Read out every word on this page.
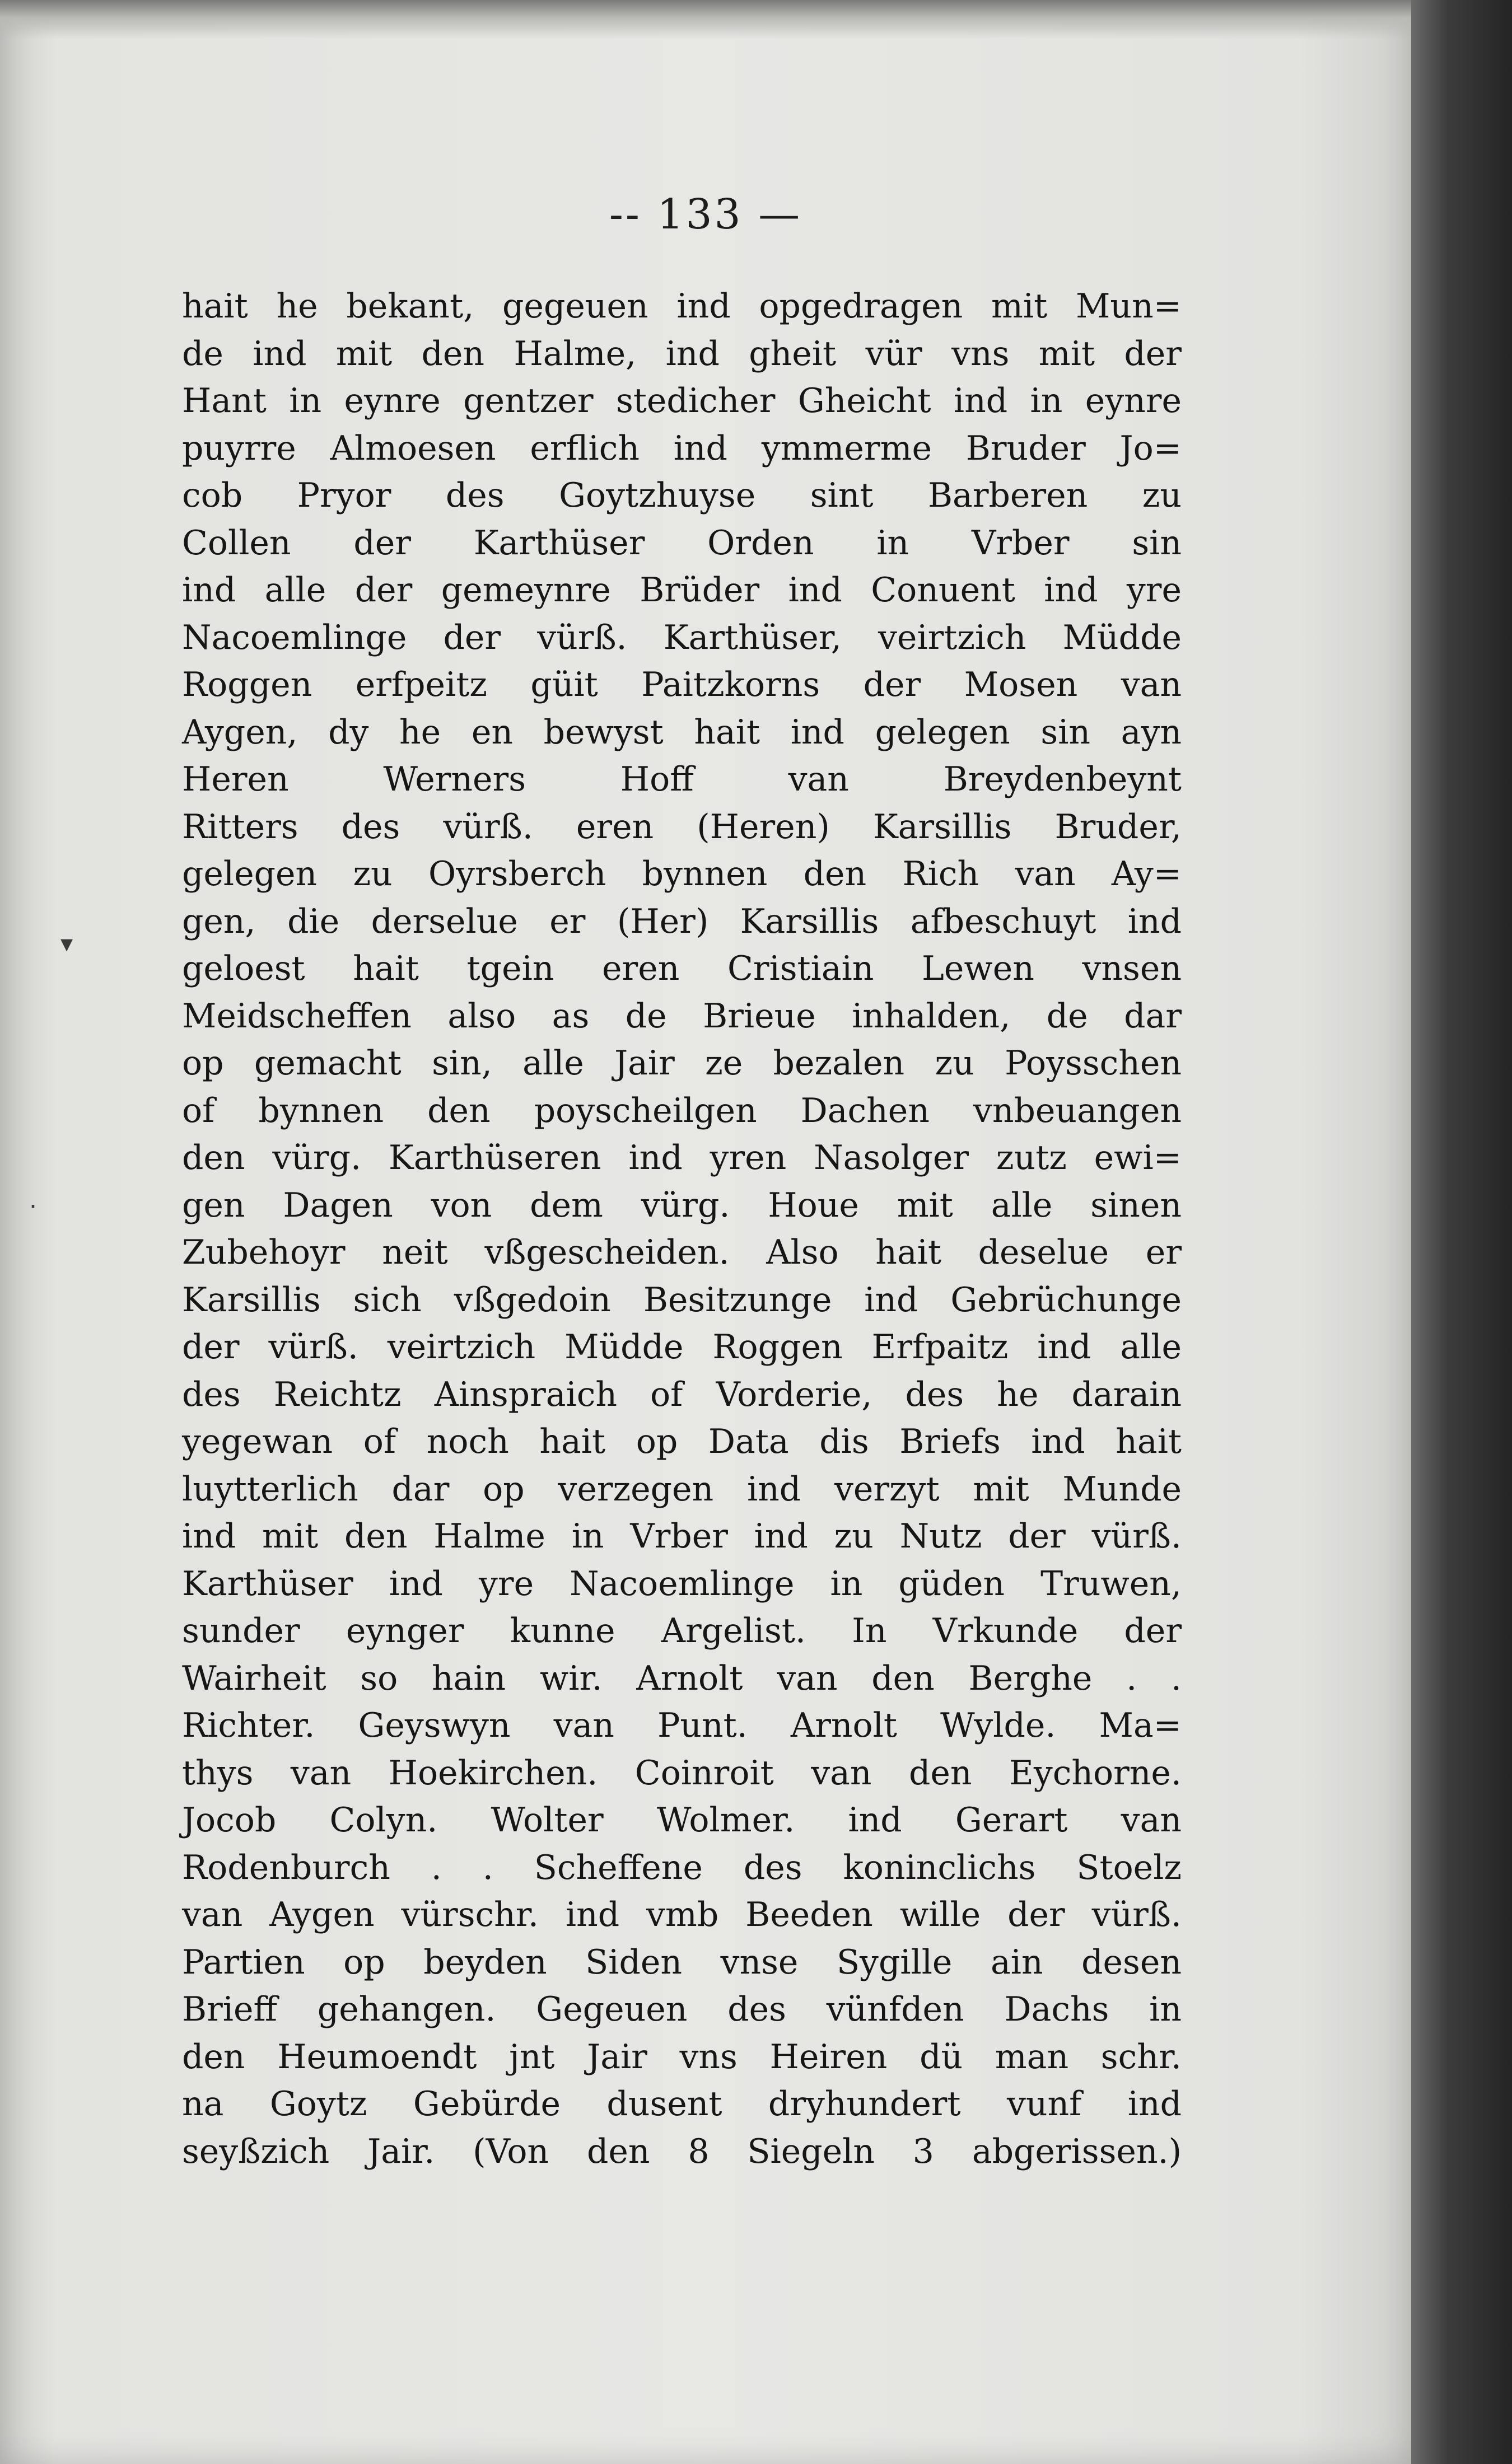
-- 133 —
▾
·
hait he bekant, gegeuen ind opgedragen mit Mun=
de ind mit den Halme, ind gheit vür vns mit der
Hant in eynre gentzer stedicher Gheicht ind in eynre
puyrre Almoesen erflich ind ymmerme Bruder Jo=
cob Pryor des Goytzhuyse sint Barberen zu
Collen der Karthüser Orden in Vrber sin
ind alle der gemeynre Brüder ind Conuent ind yre
Nacoemlinge der vürß. Karthüser, veirtzich Müdde
Roggen erfpeitz güit Paitzkorns der Mosen van
Aygen, dy he en bewyst hait ind gelegen sin ayn
Heren Werners Hoff van Breydenbeynt
Ritters des vürß. eren (Heren) Karsillis Bruder,
gelegen zu Oyrsberch bynnen den Rich van Ay=
gen, die derselue er (Her) Karsillis afbeschuyt ind
geloest hait tgein eren Cristiain Lewen vnsen
Meidscheffen also as de Brieue inhalden, de dar
op gemacht sin, alle Jair ze bezalen zu Poysschen
of bynnen den poyscheilgen Dachen vnbeuangen
den vürg. Karthüseren ind yren Nasolger zutz ewi=
gen Dagen von dem vürg. Houe mit alle sinen
Zubehoyr neit vßgescheiden. Also hait deselue er
Karsillis sich vßgedoin Besitzunge ind Gebrüchunge
der vürß. veirtzich Müdde Roggen Erfpaitz ind alle
des Reichtz Ainspraich of Vorderie, des he darain
yegewan of noch hait op Data dis Briefs ind hait
luytterlich dar op verzegen ind verzyt mit Munde
ind mit den Halme in Vrber ind zu Nutz der vürß.
Karthüser ind yre Nacoemlinge in güden Truwen,
sunder eynger kunne Argelist. In Vrkunde der
Wairheit so hain wir. Arnolt van den Berghe . .
Richter. Geyswyn van Punt. Arnolt Wylde. Ma=
thys van Hoekirchen. Coinroit van den Eychorne.
Jocob Colyn. Wolter Wolmer. ind Gerart van
Rodenburch . . Scheffene des koninclichs Stoelz
van Aygen vürschr. ind vmb Beeden wille der vürß.
Partien op beyden Siden vnse Sygille ain desen
Brieff gehangen. Gegeuen des vünfden Dachs in
den Heumoendt jnt Jair vns Heiren dü man schr.
na Goytz Gebürde dusent dryhundert vunf ind
seyßzich Jair. (Von den 8 Siegeln 3 abgerissen.)
